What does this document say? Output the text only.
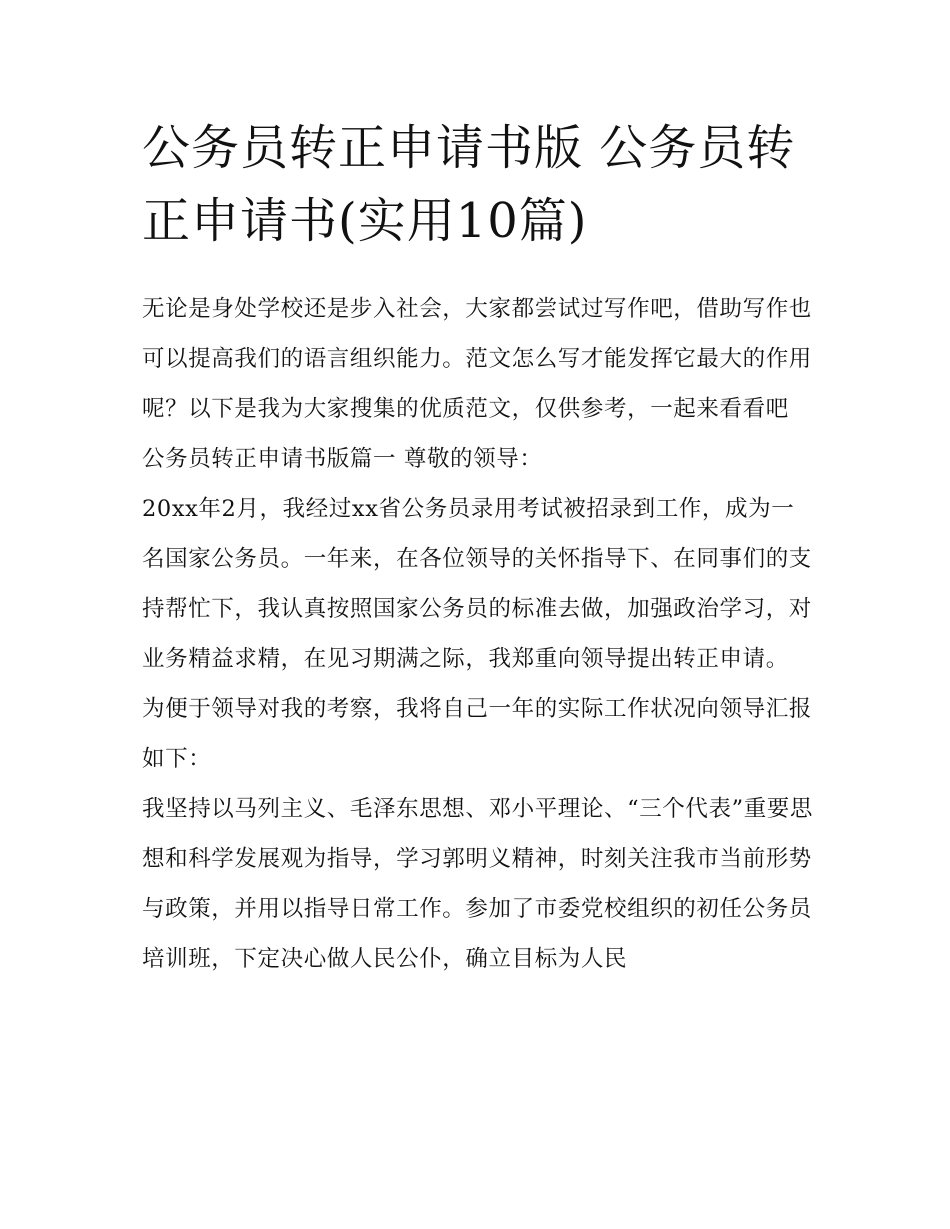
公务员转正申请书版 公务员转正申请书(实用10篇)

无论是身处学校还是步入社会，大家都尝试过写作吧，借助写作也可以提高我们的语言组织能力。范文怎么写才能发挥它最大的作用呢？以下是我为大家搜集的优质范文，仅供参考，一起来看看吧

公务员转正申请书版篇一 尊敬的领导：

20xx年2月，我经过xx省公务员录用考试被招录到工作，成为一名国家公务员。一年来，在各位领导的关怀指导下、在同事们的支持帮忙下，我认真按照国家公务员的标准去做，加强政治学习，对业务精益求精，在见习期满之际，我郑重向领导提出转正申请。

为便于领导对我的考察，我将自己一年的实际工作状况向领导汇报如下：

我坚持以马列主义、毛泽东思想、邓小平理论、“三个代表”重要思想和科学发展观为指导，学习郭明义精神，时刻关注我市当前形势与政策，并用以指导日常工作。参加了市委党校组织的初任公务员培训班，下定决心做人民公仆，确立目标为人民
